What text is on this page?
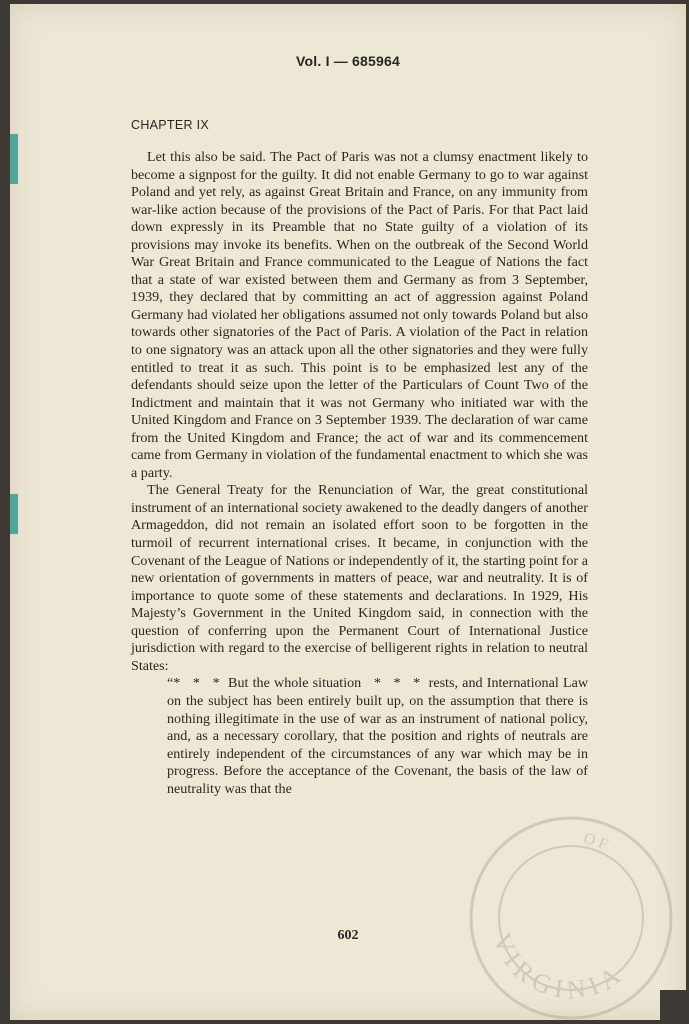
Vol. I — 685964
CHAPTER IX

Let this also be said. The Pact of Paris was not a clumsy enactment likely to become a signpost for the guilty. It did not enable Germany to go to war against Poland and yet rely, as against Great Britain and France, on any immunity from war-like action because of the provisions of the Pact of Paris. For that Pact laid down expressly in its Preamble that no State guilty of a violation of its provisions may invoke its benefits. When on the outbreak of the Second World War Great Britain and France communicated to the League of Nations the fact that a state of war existed between them and Germany as from 3 September, 1939, they declared that by committing an act of aggression against Poland Germany had violated her obligations assumed not only towards Poland but also towards other signatories of the Pact of Paris. A violation of the Pact in relation to one signatory was an attack upon all the other signatories and they were fully entitled to treat it as such. This point is to be emphasized lest any of the defendants should seize upon the letter of the Particulars of Count Two of the Indictment and maintain that it was not Germany who initiated war with the United Kingdom and France on 3 September 1939. The declaration of war came from the United Kingdom and France; the act of war and its commencement came from Germany in violation of the fundamental enactment to which she was a party.

The General Treaty for the Renunciation of War, the great constitutional instrument of an international society awakened to the deadly dangers of another Armageddon, did not remain an isolated effort soon to be forgotten in the turmoil of recurrent international crises. It became, in conjunction with the Covenant of the League of Nations or independently of it, the starting point for a new orientation of governments in matters of peace, war and neutrality. It is of importance to quote some of these statements and declarations. In 1929, His Majesty’s Government in the United Kingdom said, in connection with the question of conferring upon the Permanent Court of International Justice jurisdiction with regard to the exercise of belligerent rights in relation to neutral States:

“*   *   *  But the whole situation   *   *   *  rests, and International Law on the subject has been entirely built up, on the assumption that there is nothing illegitimate in the use of war as an instrument of national policy, and, as a necessary corollary, that the position and rights of neutrals are entirely independent of the circumstances of any war which may be in progress. Before the acceptance of the Covenant, the basis of the law of neutrality was that the
602	VIRGINIA
OF
